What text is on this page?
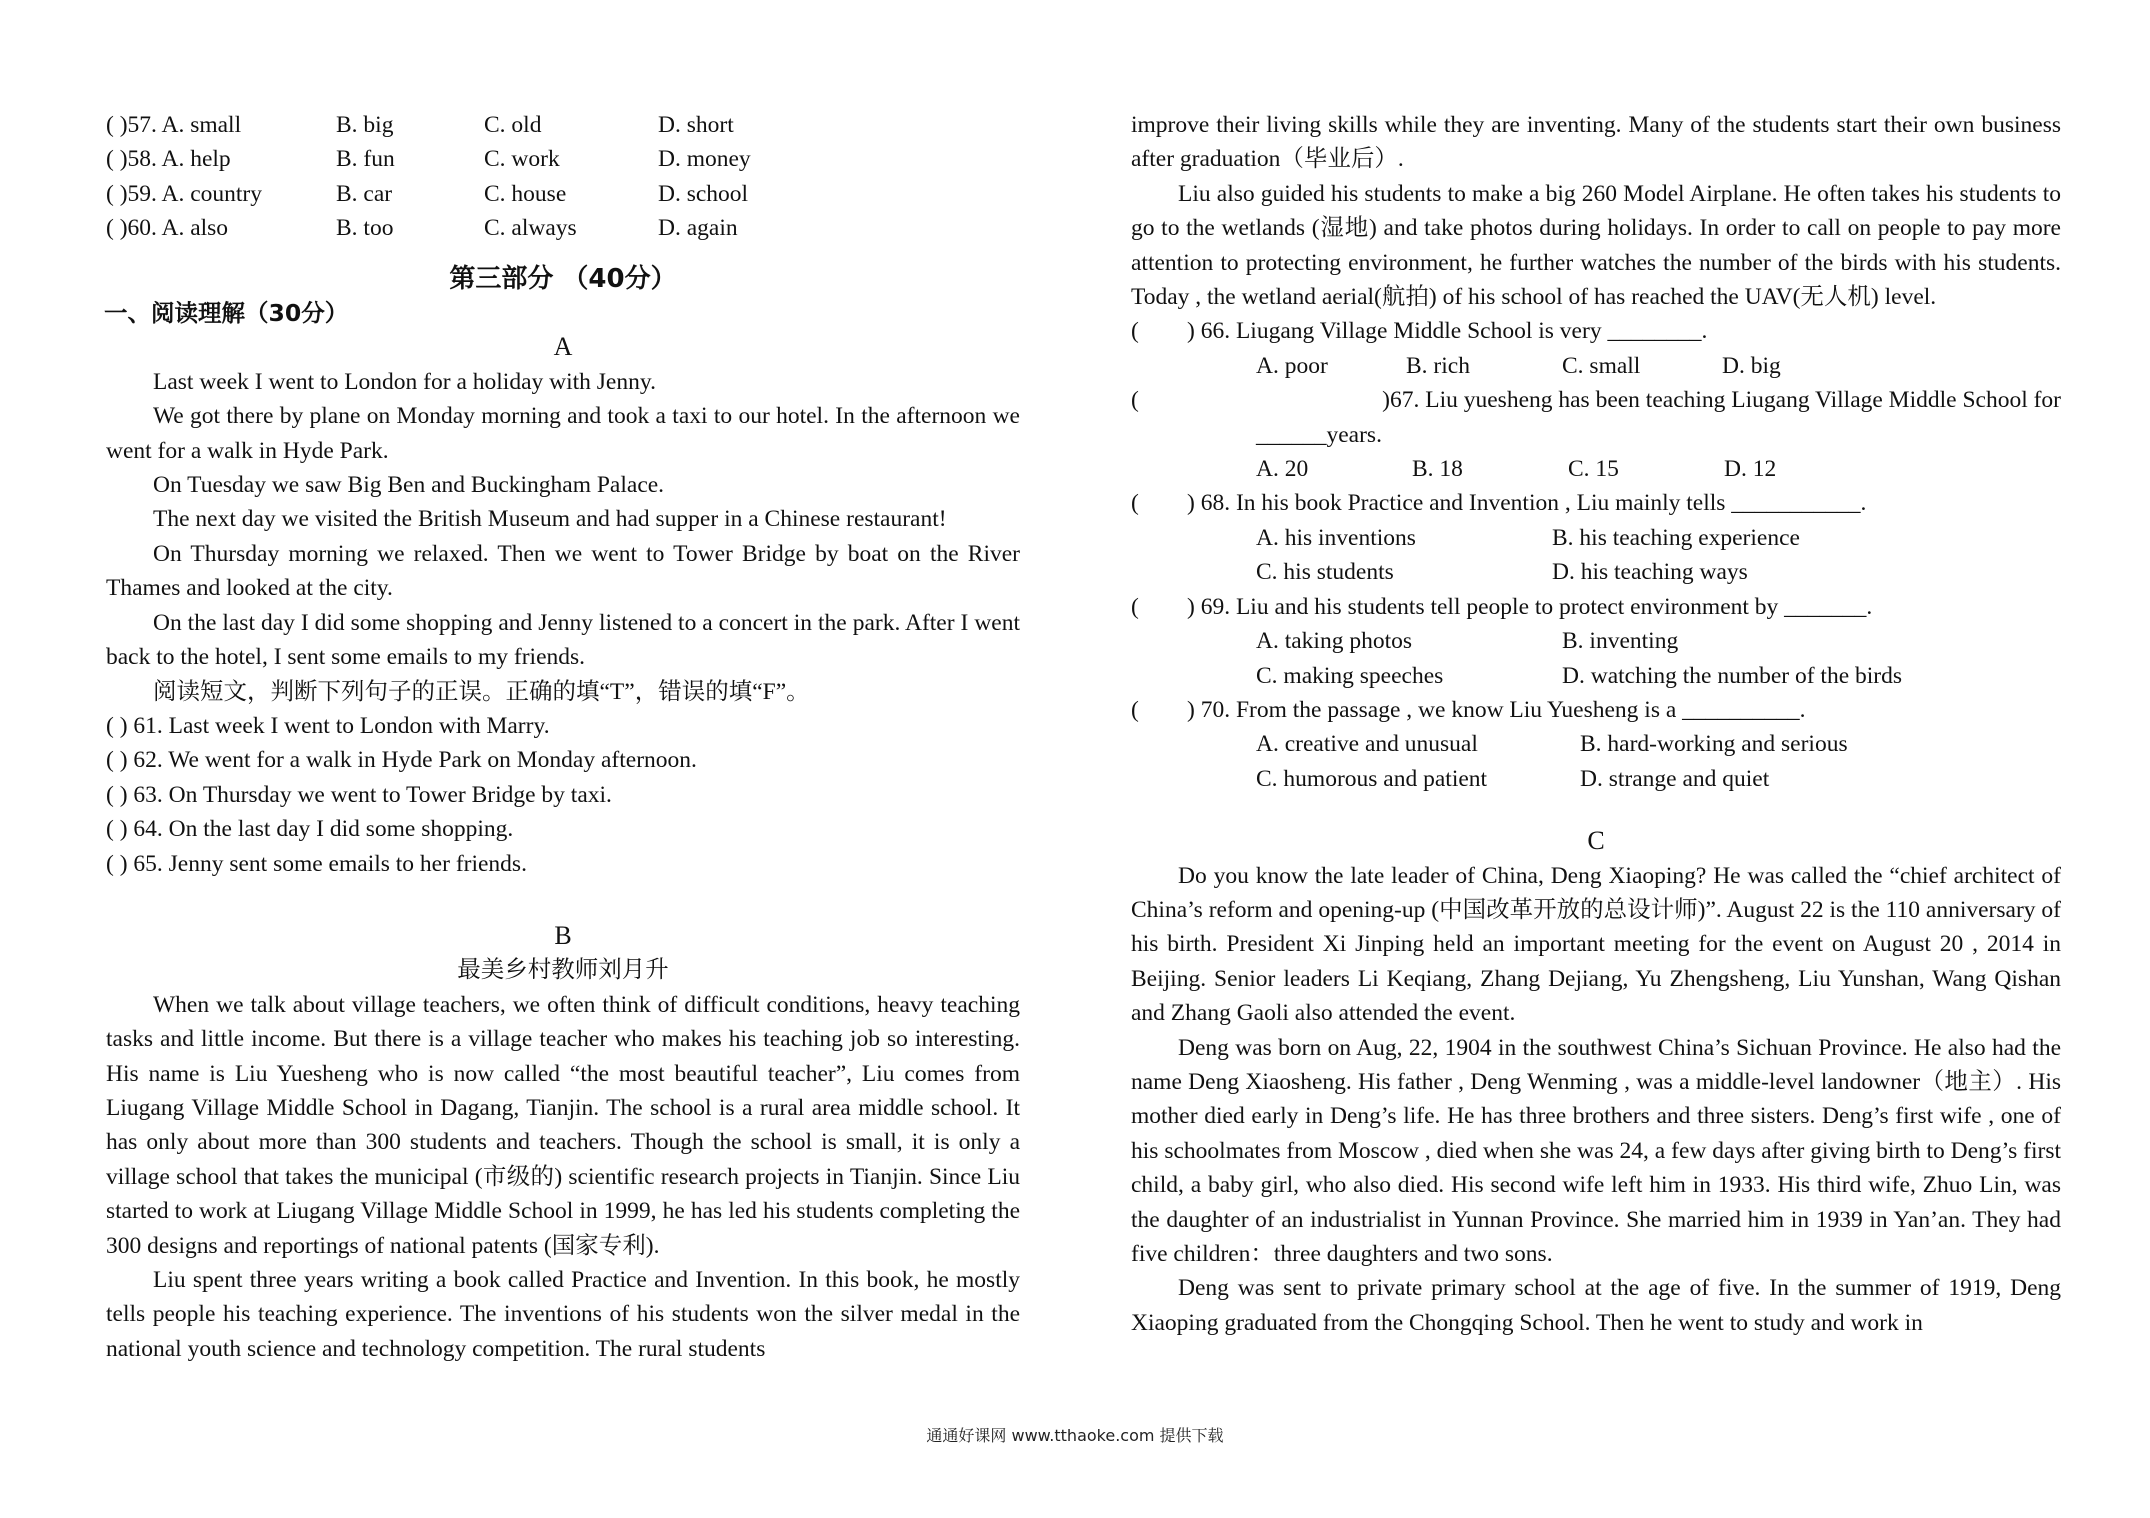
( )57. A. small	B. big	C. old	D. short
( )58. A. help	B. fun	C. work	D. money
( )59. A. country	B. car	C. house	D. school
( )60. A. also	B. too	C. always	D. again

第三部分 （40分）

一、阅读理解（30分）

A

Last week I went to London for a holiday with Jenny.

We got there by plane on Monday morning and took a taxi to our hotel. In the afternoon we went for a walk in Hyde Park.

On Tuesday we saw Big Ben and Buckingham Palace.

The next day we visited the British Museum and had supper in a Chinese restaurant!

On Thursday morning we relaxed. Then we went to Tower Bridge by boat on the River Thames and looked at the city.

On the last day I did some shopping and Jenny listened to a concert in the park. After I went back to the hotel, I sent some emails to my friends.

阅读短文，判断下列句子的正误。正确的填“T”，错误的填“F”。

( ) 61. Last week I went to London with Marry.

( ) 62. We went for a walk in Hyde Park on Monday afternoon.

( ) 63. On Thursday we went to Tower Bridge by taxi.

( ) 64. On the last day I did some shopping.

( ) 65. Jenny sent some emails to her friends.

B

最美乡村教师刘月升

When we talk about village teachers, we often think of difficult conditions, heavy teaching tasks and little income. But there is a village teacher who makes his teaching job so interesting. His name is Liu Yuesheng who is now called “the most beautiful teacher”, Liu comes from Liugang Village Middle School in Dagang, Tianjin. The school is a rural area middle school. It has only about more than 300 students and teachers. Though the school is small, it is only a village school that takes the municipal (市级的) scientific research projects in Tianjin. Since Liu started to work at Liugang Village Middle School in 1999, he has led his students completing the 300 designs and reportings of national patents (国家专利).

Liu spent three years writing a book called Practice and Invention. In this book, he mostly tells people his teaching experience. The inventions of his students won the silver medal in the national youth science and technology competition. The rural students

improve their living skills while they are inventing. Many of the students start their own business after graduation（毕业后）.

Liu also guided his students to make a big 260 Model Airplane. He often takes his students to go to the wetlands (湿地) and take photos during holidays. In order to call on people to pay more attention to protecting environment, he further watches the number of the birds with his students. Today , the wetland aerial(航拍) of his school of has reached the UAV(无人机) level.

( ) 66. Liugang Village Middle School is very ________.

A. poor	B. rich	C. small	D. big

(	)67. Liu yuesheng has been teaching Liugang Village Middle School for

______years.

A. 20	B. 18	C. 15	D. 12

( ) 68. In his book Practice and Invention , Liu mainly tells ___________.

A. his inventions	B. his teaching experience
C. his students	D. his teaching ways

( ) 69. Liu and his students tell people to protect environment by _______.

A. taking photos	B. inventing
C. making speeches	D. watching the number of the birds

( ) 70. From the passage , we know Liu Yuesheng is a __________.

A. creative and unusual	B. hard-working and serious
C. humorous and patient	D. strange and quiet

C

Do you know the late leader of China, Deng Xiaoping? He was called the “chief architect of China’s reform and opening-up (中国改革开放的总设计师)”. August 22 is the 110 anniversary of his birth. President Xi Jinping held an important meeting for the event on August 20 , 2014 in Beijing. Senior leaders Li Keqiang, Zhang Dejiang, Yu Zhengsheng, Liu Yunshan, Wang Qishan and Zhang Gaoli also attended the event.

Deng was born on Aug, 22, 1904 in the southwest China’s Sichuan Province. He also had the name Deng Xiaosheng. His father , Deng Wenming , was a middle-level landowner（地主）. His mother died early in Deng’s life. He has three brothers and three sisters. Deng’s first wife , one of his schoolmates from Moscow , died when she was 24, a few days after giving birth to Deng’s first child, a baby girl, who also died. His second wife left him in 1933. His third wife, Zhuo Lin, was the daughter of an industrialist in Yunnan Province. She married him in 1939 in Yan’an. They had five children：three daughters and two sons.

Deng was sent to private primary school at the age of five. In the summer of 1919, Deng Xiaoping graduated from the Chongqing School. Then he went to study and work in

通通好课网 www.tthaoke.com 提供下载
